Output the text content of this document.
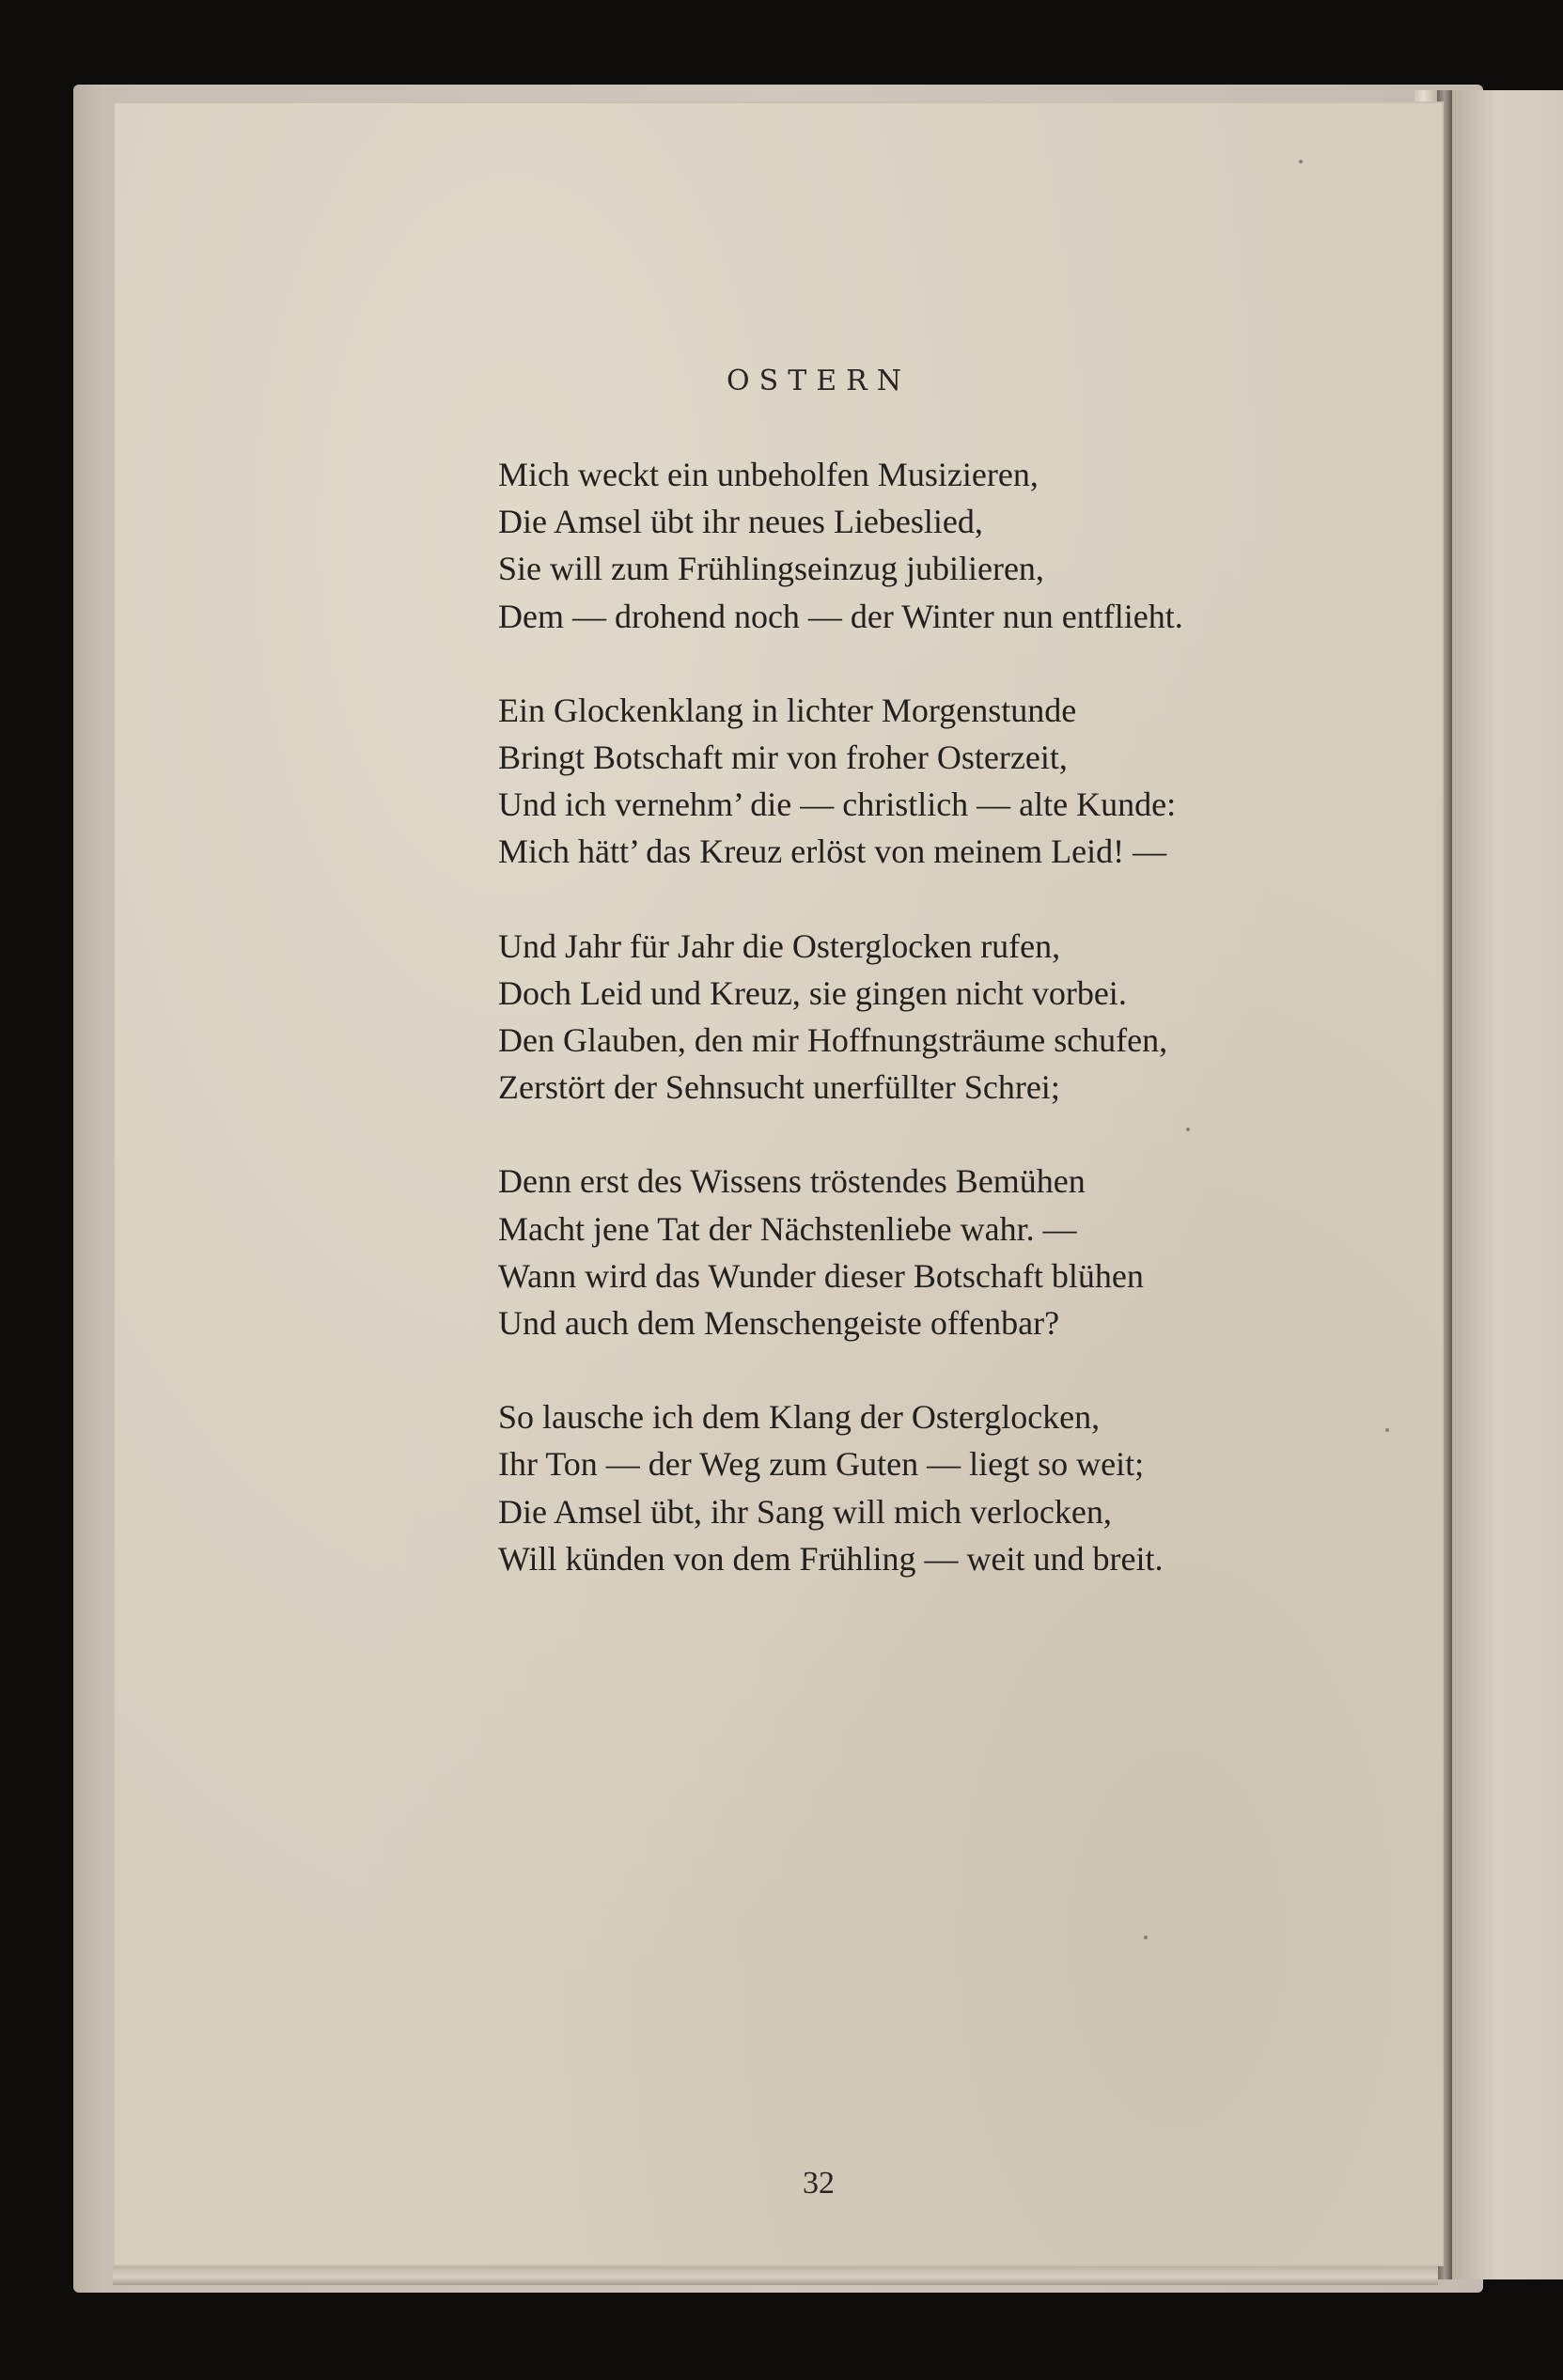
OSTERN
Mich weckt ein unbeholfen Musizieren,
Die Amsel übt ihr neues Liebeslied,
Sie will zum Frühlingseinzug jubilieren,
Dem — drohend noch — der Winter nun entflieht.
Ein Glockenklang in lichter Morgenstunde
Bringt Botschaft mir von froher Osterzeit,
Und ich vernehm’ die — christlich — alte Kunde:
Mich hätt’ das Kreuz erlöst von meinem Leid! —
Und Jahr für Jahr die Osterglocken rufen,
Doch Leid und Kreuz, sie gingen nicht vorbei.
Den Glauben, den mir Hoffnungsträume schufen,
Zerstört der Sehnsucht unerfüllter Schrei;
Denn erst des Wissens tröstendes Bemühen
Macht jene Tat der Nächstenliebe wahr. —
Wann wird das Wunder dieser Botschaft blühen
Und auch dem Menschengeiste offenbar?
So lausche ich dem Klang der Osterglocken,
Ihr Ton — der Weg zum Guten — liegt so weit;
Die Amsel übt, ihr Sang will mich verlocken,
Will künden von dem Frühling — weit und breit.
32
